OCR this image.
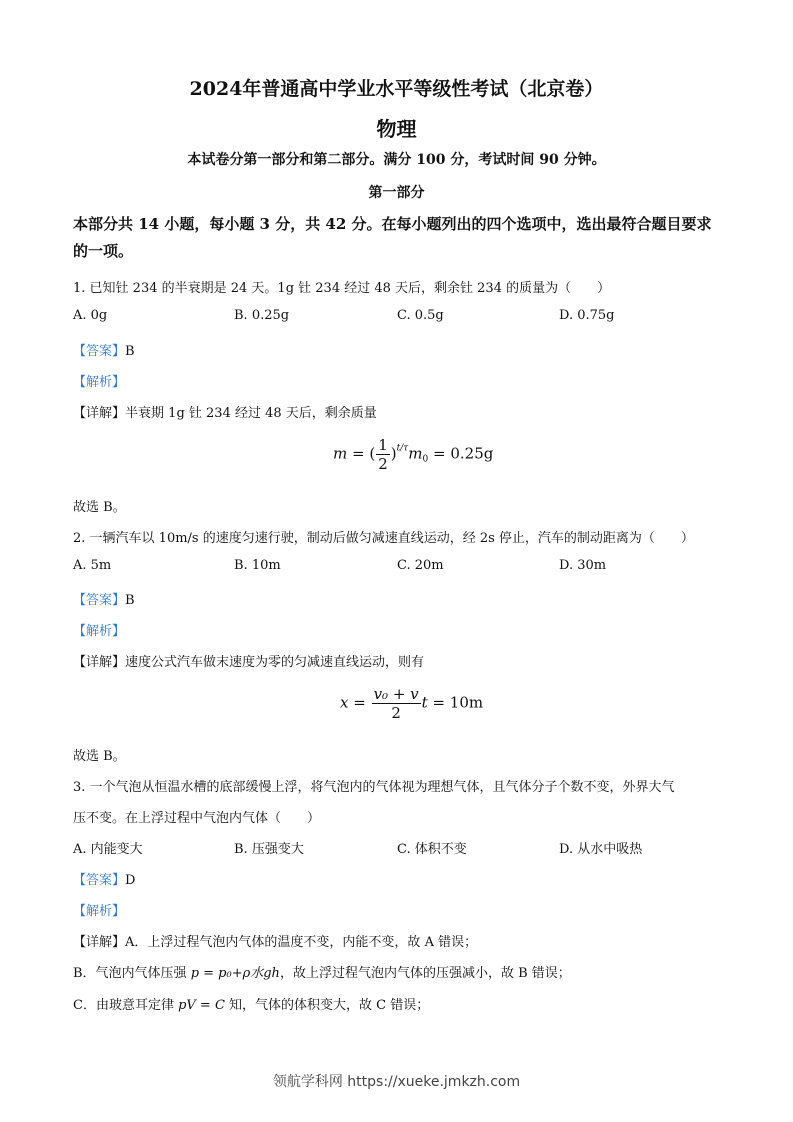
2024年普通高中学业水平等级性考试（北京卷）
物理
本试卷分第一部分和第二部分。满分 100 分，考试时间 90 分钟。
第一部分
本部分共 14 小题，每小题 3 分，共 42 分。在每小题列出的四个选项中，选出最符合题目要求的一项。
1. 已知钍 234 的半衰期是 24 天。1g 钍 234 经过 48 天后，剩余钍 234 的质量为（　　）
A. 0g	B. 0.25g	C. 0.5g	D. 0.75g
【答案】B
【解析】
【详解】半衰期 1g 钍 234 经过 48 天后，剩余质量
m = ( $\frac{1}{2} )^{t/\tau}m_0 = 0.25g$
故选 B。
2. 一辆汽车以 10m/s 的速度匀速行驶，制动后做匀减速直线运动，经 2s 停止，汽车的制动距离为（　　）
A. 5m	B. 10m	C. 20m	D. 30m
【答案】B
【解析】
【详解】速度公式汽车做末速度为零的匀减速直线运动，则有
$x = \frac{\text{v₀ + v}}{2}$ t = 10m
故选 B。
3. 一个气泡从恒温水槽的底部缓慢上浮，将气泡内的气体视为理想气体，且气体分子个数不变，外界大气
压不变。在上浮过程中气泡内气体（　　）
A. 内能变大	B. 压强变大	C. 体积不变	D. 从水中吸热
【答案】D
【解析】
【详解】A．上浮过程气泡内气体的温度不变，内能不变，故 A 错误；
B．气泡内气体压强 p = p₀+ρ水gh，故上浮过程气泡内气体的压强减小，故 B 错误；
C．由玻意耳定律 pV = C 知，气体的体积变大，故 C 错误；
领航学科网 https://xueke.jmkzh.com
